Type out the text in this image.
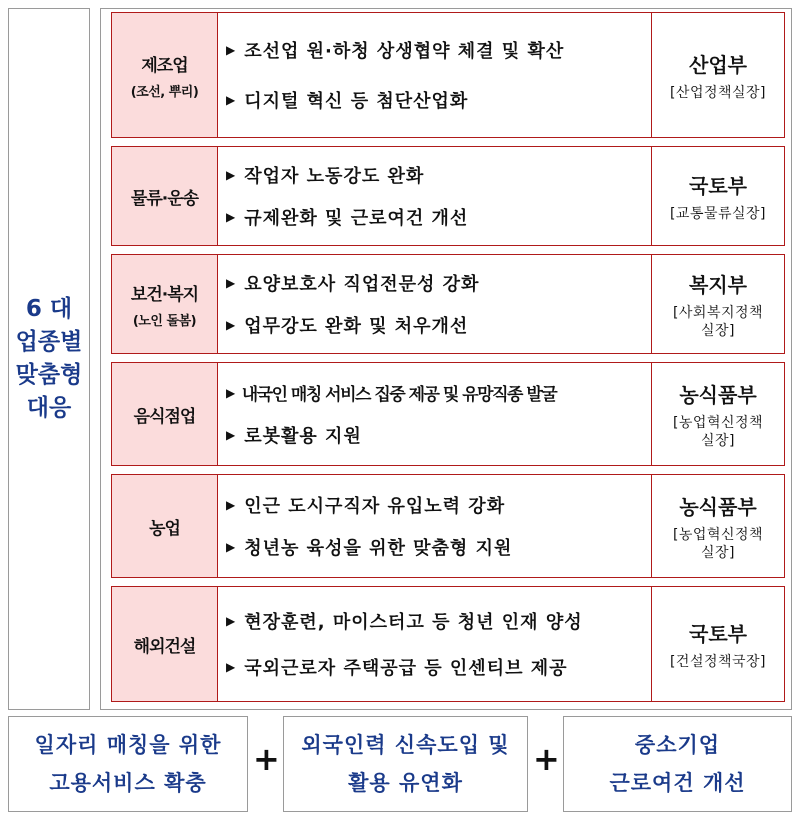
6 대
업종별
맞춤형
대응
제조업
(조선, 뿌리)
▶ 조선업 원·하청 상생협약 체결 및 확산
▶ 디지털 혁신 등 첨단산업화
산업부
[산업정책실장]
물류·운송
▶ 작업자 노동강도 완화
▶ 규제완화 및 근로여건 개선
국토부
[교통물류실장]
보건·복지
(노인 돌봄)
▶ 요양보호사 직업전문성 강화
▶ 업무강도 완화 및 처우개선
복지부
[사회복지정책
실장]
음식점업
▶ 내국인 매칭 서비스 집중 제공 및 유망직종 발굴
▶ 로봇활용 지원
농식품부
[농업혁신정책
실장]
농업
▶ 인근 도시구직자 유입노력 강화
▶ 청년농 육성을 위한 맞춤형 지원
농식품부
[농업혁신정책
실장]
해외건설
▶ 현장훈련, 마이스터고 등 청년 인재 양성
▶ 국외근로자 주택공급 등 인센티브 제공
국토부
[건설정책국장]
일자리 매칭을 위한
고용서비스 확충
+ 외국인력 신속도입 및
활용 유연화
+	중소기업
근로여건 개선
